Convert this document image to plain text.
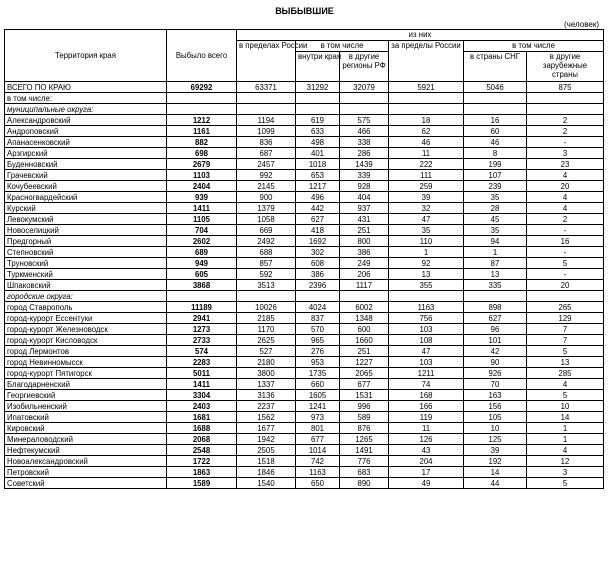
ВЫБЫВШИЕ
(человек)
Территория края	Выбыло всего	из них					
		в пределах России	в том числе		за пределы России	в том числе	
			внутри края	в другие регионы РФ		в страны СНГ	в другие зарубежные страны
ВСЕГО ПО КРАЮ	69292	63371	31292	32079	5921	5046	875
в том числе:							
муниципальные округа:							
Александровский	1212	1194	619	575	18	16	2
Андроповский	1161	1099	633	466	62	60	2
Апанасенковский	882	836	498	338	46	46	-
Арзгирский	698	687	401	286	11	8	3
Буденновский	2679	2457	1018	1439	222	199	23
Грачевский	1103	992	653	339	111	107	4
Кочубеевский	2404	2145	1217	928	259	239	20
Красногвардейский	939	900	496	404	39	35	4
Курский	1411	1379	442	937	32	28	4
Левокумский	1105	1058	627	431	47	45	2
Новоселицкий	704	669	418	251	35	35	-
Предгорный	2602	2492	1692	800	110	94	16
Степновский	689	688	302	386	1	1	-
Труновский	949	857	608	249	92	87	5
Туркменский	605	592	386	206	13	13	-
Шпаковский	3868	3513	2396	1117	355	335	20
городские округа:							
город Ставрополь	11189	10026	4024	6002	1163	898	265
город-курорт Ессентуки	2941	2185	837	1348	756	627	129
город-курорт Железноводск	1273	1170	570	600	103	96	7
город-курорт Кисловодск	2733	2625	965	1660	108	101	7
город Лермонтов	574	527	276	251	47	42	5
город Невинномысск	2283	2180	953	1227	103	90	13
город-курорт Пятигорск	5011	3800	1735	2065	1211	926	285
Благодарненский	1411	1337	660	677	74	70	4
Георгиевский	3304	3136	1605	1531	168	163	5
Изобильненский	2403	2237	1241	996	166	156	10
Ипатовский	1681	1562	973	589	119	105	14
Кировский	1688	1677	801	876	11	10	1
Минераловодский	2068	1942	677	1265	126	125	1
Нефтекумский	2548	2505	1014	1491	43	39	4
Новоалександровский	1722	1518	742	776	204	192	12
Петровский	1863	1846	1163	683	17	14	3
Советский	1589	1540	650	890	49	44	5
